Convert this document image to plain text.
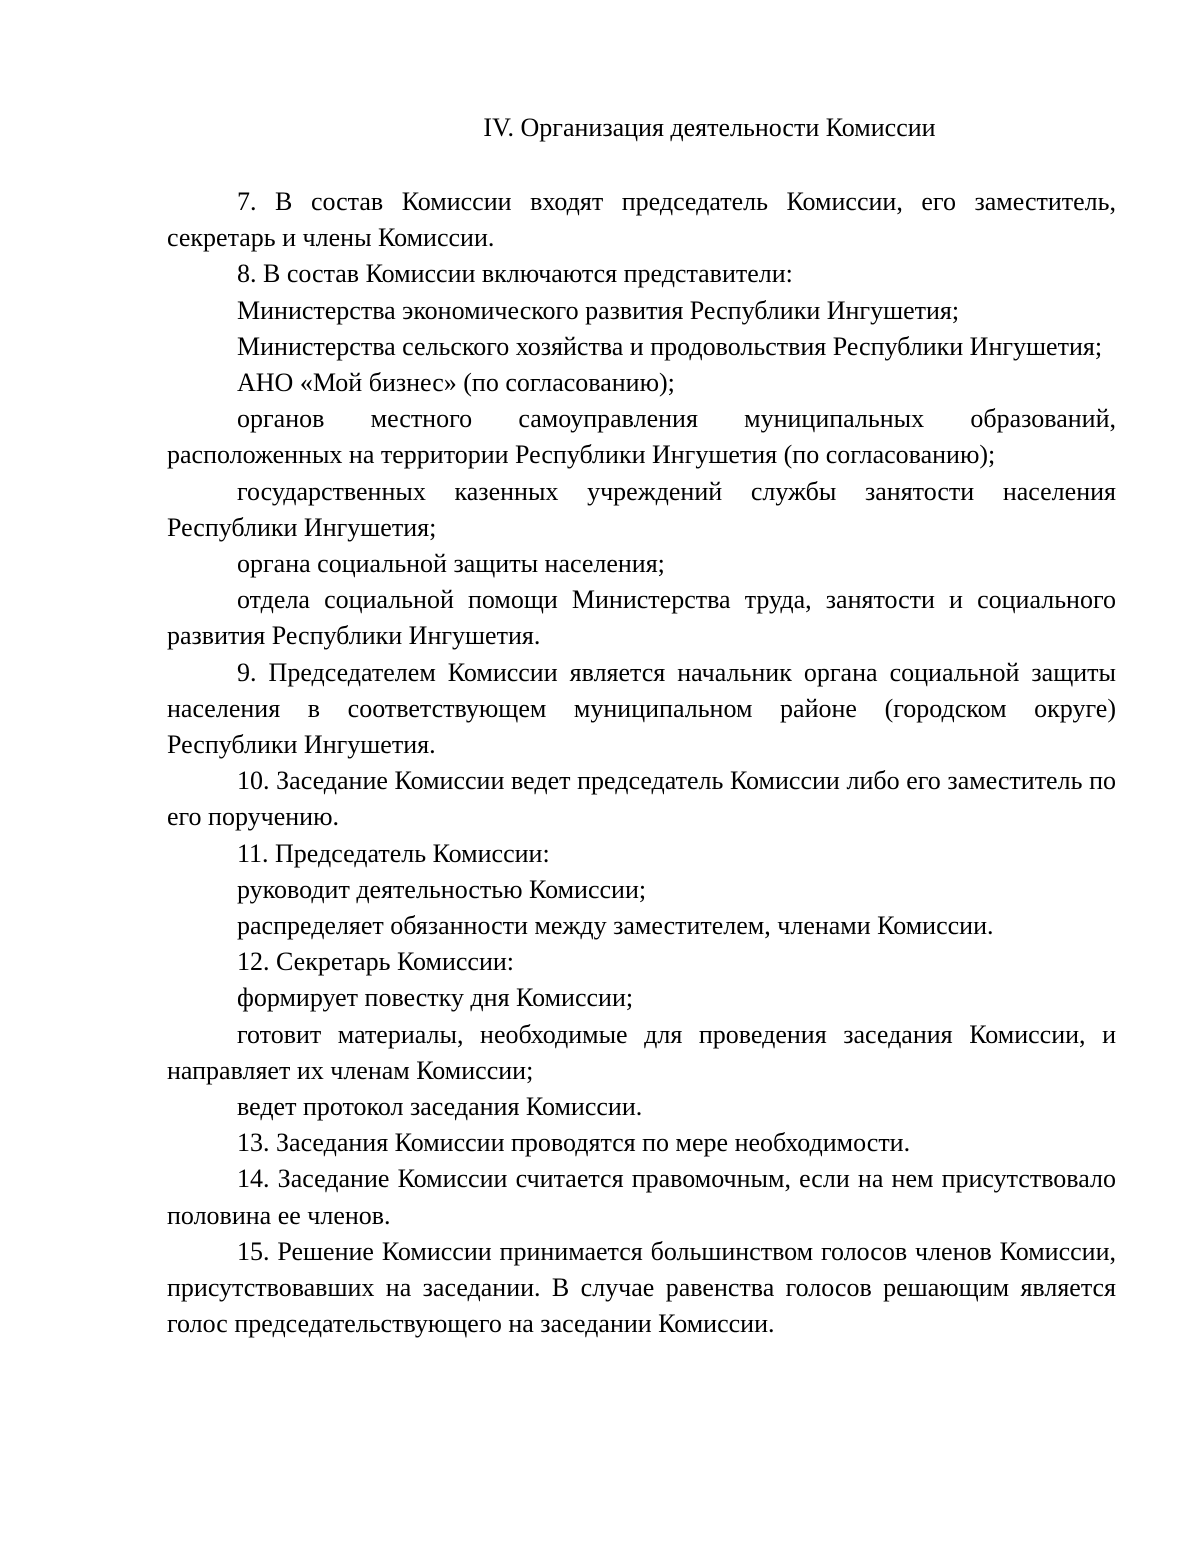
IV. Организация деятельности Комиссии

7. В состав Комиссии входят председатель Комиссии, его заместитель, секретарь и члены Комиссии.

8. В состав Комиссии включаются представители:

Министерства экономического развития Республики Ингушетия;

Министерства сельского хозяйства и продовольствия Республики Ингушетия;

АНО «Мой бизнес» (по согласованию);

органов местного самоуправления муниципальных образований, расположенных на территории Республики Ингушетия (по согласованию);

государственных казенных учреждений службы занятости населения Республики Ингушетия;

органа социальной защиты населения;

отдела социальной помощи Министерства труда, занятости и социального развития Республики Ингушетия.

9. Председателем Комиссии является начальник органа социальной защиты населения в соответствующем муниципальном районе (городском округе) Республики Ингушетия.

10. Заседание Комиссии ведет председатель Комиссии либо его заместитель по его поручению.

11. Председатель Комиссии:

руководит деятельностью Комиссии;

распределяет обязанности между заместителем, членами Комиссии.

12. Секретарь Комиссии:

формирует повестку дня Комиссии;

готовит материалы, необходимые для проведения заседания Комиссии, и направляет их членам Комиссии;

ведет протокол заседания Комиссии.

13. Заседания Комиссии проводятся по мере необходимости.

14. Заседание Комиссии считается правомочным, если на нем присутствовало половина ее членов.

15. Решение Комиссии принимается большинством голосов членов Комиссии, присутствовавших на заседании. В случае равенства голосов решающим является голос председательствующего на заседании Комиссии.
